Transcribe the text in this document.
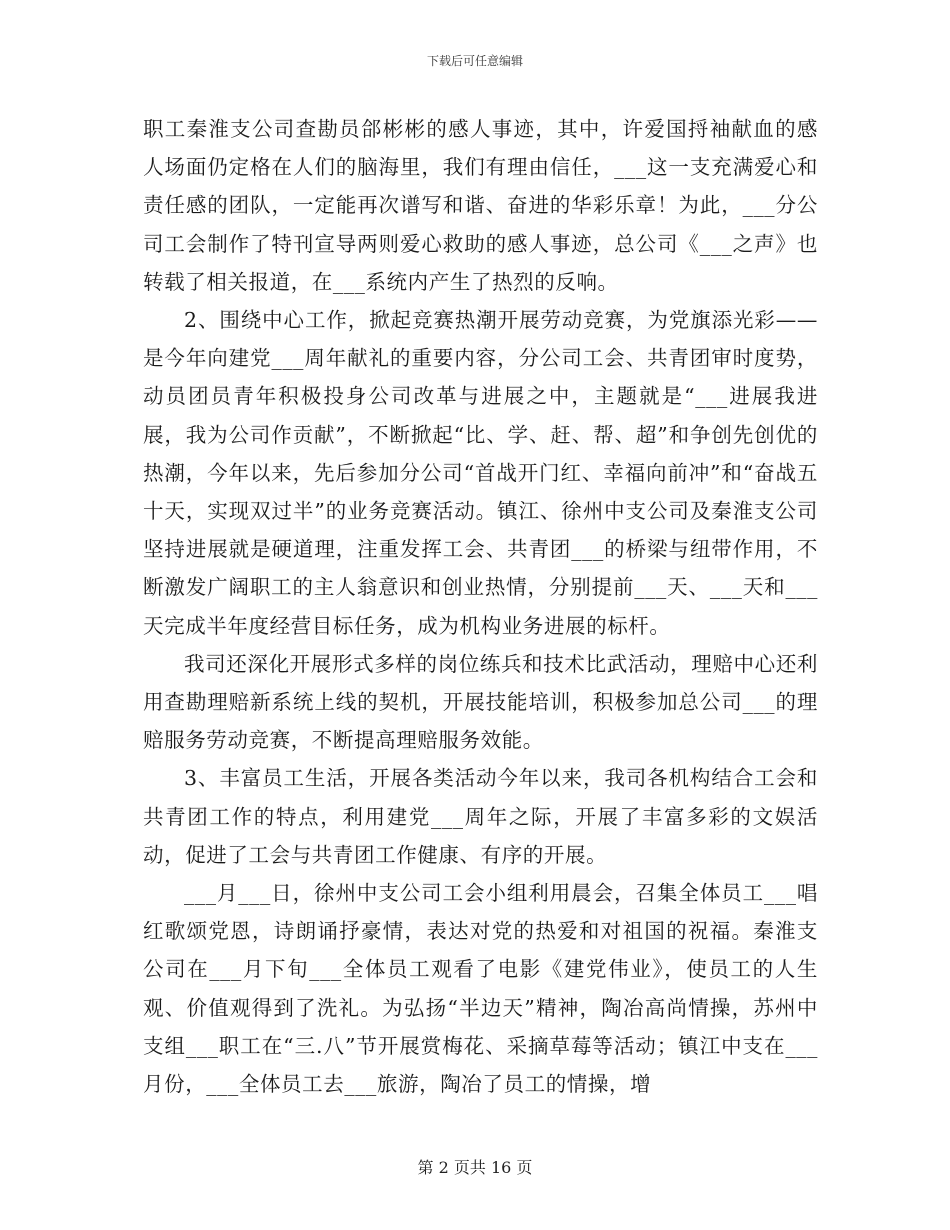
下载后可任意编辑

职工秦淮支公司查勘员郃彬彬的感人事迹，其中，许爱国捋袖献血的感人场面仍定格在人们的脑海里，我们有理由信任，___这一支充满爱心和责任感的团队，一定能再次谱写和谐、奋进的华彩乐章！为此，___分公司工会制作了特刊宣导两则爱心救助的感人事迹，总公司《___之声》也转载了相关报道，在___系统内产生了热烈的反响。

2、围绕中心工作，掀起竞赛热潮开展劳动竞赛，为党旗添光彩——是今年向建党___周年献礼的重要内容，分公司工会、共青团审时度势，动员团员青年积极投身公司改革与进展之中，主题就是“___进展我进展，我为公司作贡献”，不断掀起“比、学、赶、帮、超”和争创先创优的热潮，今年以来，先后参加分公司“首战开门红、幸福向前冲”和“奋战五十天，实现双过半”的业务竞赛活动。镇江、徐州中支公司及秦淮支公司坚持进展就是硬道理，注重发挥工会、共青团___的桥梁与纽带作用，不断激发广阔职工的主人翁意识和创业热情，分别提前___天、___天和___天完成半年度经营目标任务，成为机构业务进展的标杆。

我司还深化开展形式多样的岗位练兵和技术比武活动，理赔中心还利用查勘理赔新系统上线的契机，开展技能培训，积极参加总公司___的理赔服务劳动竞赛，不断提高理赔服务效能。

3、丰富员工生活，开展各类活动今年以来，我司各机构结合工会和共青团工作的特点，利用建党___周年之际，开展了丰富多彩的文娱活动，促进了工会与共青团工作健康、有序的开展。

___月___日，徐州中支公司工会小组利用晨会，召集全体员工___唱红歌颂党恩，诗朗诵抒豪情，表达对党的热爱和对祖国的祝福。秦淮支公司在___月下旬___全体员工观看了电影《建党伟业》，使员工的人生观、价值观得到了洗礼。为弘扬“半边天”精神，陶冶高尚情操，苏州中支组___职工在“三.八”节开展赏梅花、采摘草莓等活动；镇江中支在___月份，___全体员工去___旅游，陶冶了员工的情操，增

第 2 页共 16 页
